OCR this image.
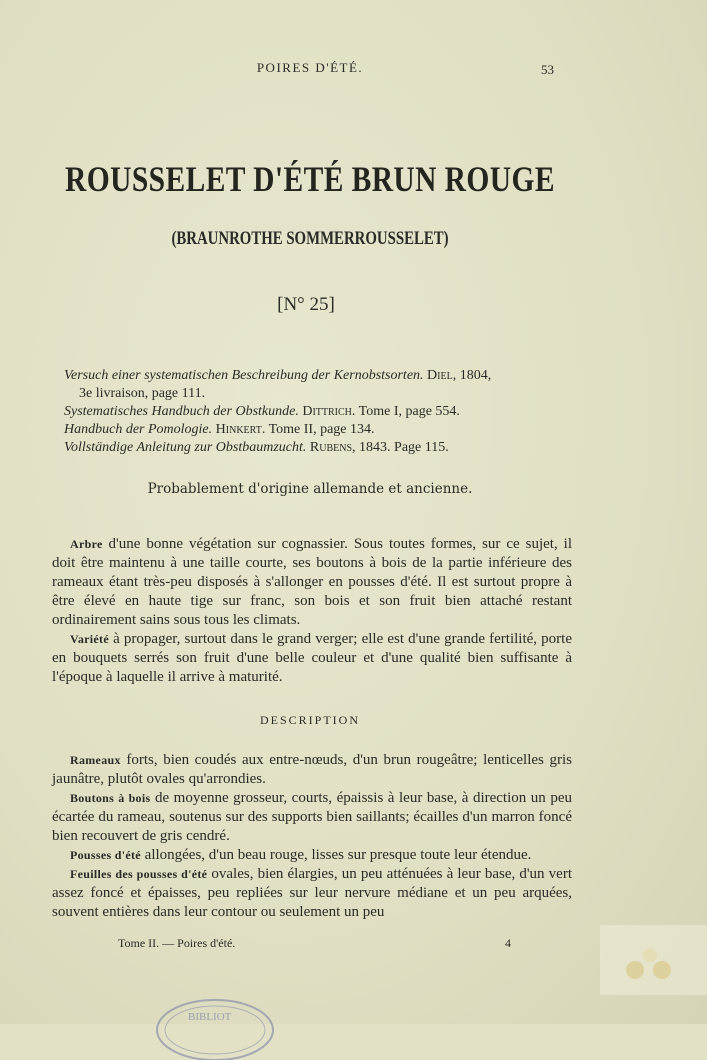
POIRES D'ÉTÉ.	53
ROUSSELET D'ÉTÉ BRUN ROUGE
(BRAUNROTHE SOMMERROUSSELET)
[N° 25]
Versuch einer systematischen Beschreibung der Kernobstsorten. Diel, 1804,
3e livraison, page 111.
Systematisches Handbuch der Obstkunde. Dittrich. Tome I, page 554.
Handbuch der Pomologie. Hinkert. Tome II, page 134.
Vollständige Anleitung zur Obstbaumzucht. Rubens, 1843. Page 115.
Probablement d'origine allemande et ancienne.

Arbre d'une bonne végétation sur cognassier. Sous toutes formes, sur ce sujet, il doit être maintenu à une taille courte, ses boutons à bois de la partie inférieure des rameaux étant très-peu disposés à s'allonger en pousses d'été. Il est surtout propre à être élevé en haute tige sur franc, son bois et son fruit bien attaché restant ordinairement sains sous tous les climats.

Variété à propager, surtout dans le grand verger; elle est d'une grande fertilité, porte en bouquets serrés son fruit d'une belle couleur et d'une qualité bien suffisante à l'époque à laquelle il arrive à maturité.

DESCRIPTION

Rameaux forts, bien coudés aux entre-nœuds, d'un brun rougeâtre; lenticelles gris jaunâtre, plutôt ovales qu'arrondies.

Boutons à bois de moyenne grosseur, courts, épaissis à leur base, à direction un peu écartée du rameau, soutenus sur des supports bien saillants; écailles d'un marron foncé bien recouvert de gris cendré.

Pousses d'été allongées, d'un beau rouge, lisses sur presque toute leur étendue.

Feuilles des pousses d'été ovales, bien élargies, un peu atténuées à leur base, d'un vert assez foncé et épaisses, peu repliées sur leur nervure médiane et un peu arquées, souvent entières dans leur contour ou seulement un peu

Tome II. — Poires d'été.	4
BIBLIOT
